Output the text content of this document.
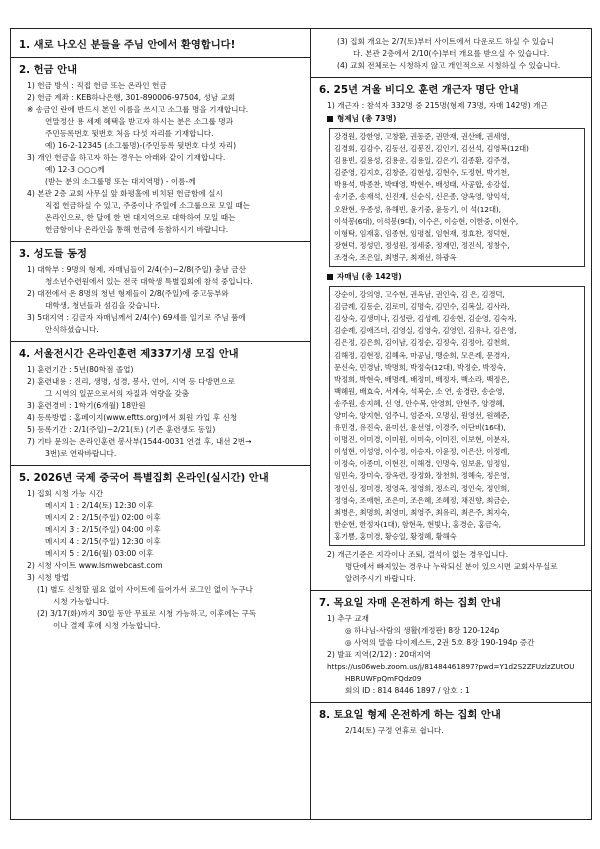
1. 새로 나오신 분들을 주님 안에서 환영합니다!
2. 헌금 안내

1) 헌금 방식 : 직접 헌금 또는 온라인 헌금

2) 헌금 계좌 : KEB하나은행, 301-890006-97504, 성남 교회

※ 송금인 란에 반드시 본인 이름을 쓰시고 소그룹 명을 기재합니다.

연말정산 용 세제 혜택을 받고자 하시는 분은 소그룹 명과

주민등록번호 뒷번호 처음 다섯 자리를 기재합니다.

예) 16-2-12345 (소그룹명)-(주민등록 뒷번호 다섯 자리)

3) 개인 헌금을 하고자 하는 경우는 아래와 같이 기재합니다.

예) 12-3 ○○○께

(받는 분의 소그룹명 또는 대지역명) - 이름-께

4) 본관 2층 교회 사무실 앞 화평홀에 비치된 헌금함에 실시

직접 헌금하실 수 있고, 주중이나 주일에 소그룹으로 모일 때는

온라인으로, 한 달에 한 번 대지역으로 대학하여 모일 때는

헌금함이나 온라인을 통해 헌금에 동참하시기 바랍니다.

3. 성도들 동정

1) 대학부 : 9명의 형제, 자매님들이 2/4(수)~2/8(주일) 충남 금산

청소년수련원에서 있는 전국 대학생 특별집회에 참석 중입니다.

2) 대전에서 온 8명의 청년 형제들이 2/8(주일)에 중고등부와

대학생, 청년들과 섬김을 갖습니다.

3) 5대지역 : 김금자 자매님께서 2/4(수) 69세를 일기로 주님 품에

안식하셨습니다.

4. 서울전시간 온라인훈련 제337기생 모집 안내

1) 훈련기간 : 5년(80학점 졸업)

2) 훈련내용 : 진리, 생명, 성경, 봉사, 언어, 시역 등 다방면으로

그 시역의 일꾼으로서의 자질과 역량을 갖춤

3) 훈련경비 : 1학기(6개월) 18만원

4) 등록방법 : 홈페이지(www.eftts.org)에서 회원 가입 후 신청

5) 등록기간 : 2/1(주일)~2/21(토) (기존 훈련생도 동일)

7) 기타 문의는 온라인훈련 봉사부(1544-0031 연결 후, 내선 2번→

3번)로 연락바랍니다.

5. 2026년 국제 중국어 특별집회 온라인(실시간) 안내

1) 집회 시청 가능 시간

메시지 1 : 2/14(토) 12:30 이후

메시지 2 : 2/15(주일) 02:00 이후

메시지 3 : 2/15(주일) 04:00 이후

메시지 4 : 2/15(주일) 12:30 이후

메시지 5 : 2/16(월) 03:00 이후

2) 시청 사이트 www.lsmwebcast.com

3) 시청 방법

(1) 별도 신청할 필요 없이 사이트에 들어가서 로그인 없이 누구나

시청 가능합니다.

(2) 3/17(화)까지 30일 동안 무료로 시청 가능하고, 이후에는 구독

이나 결제 후에 시청 가능합니다.

(3) 집회 개요는 2/7(토)부터 사이트에서 다운로드 하실 수 있습니

다. 본관 2층에서 2/10(수)부터 개요를 받으실 수 있습니다.

(4) 교회 전체로는 시청하지 않고 개인적으로 시청하실 수 있습니다.

6. 25년 겨울 비디오 훈련 개근자 명단 안내

1) 개근자 : 참석자 332명 중 215명(형제 73명, 자매 142명) 개근

형제님 (총 73명)
강경원, 강한영, 고창환, 권동준, 권만재, 권산배, 권세영,
김경회, 김감수, 김동선, 김봉진, 김인기, 김선석, 김영복(12대)
김용빈, 김용성, 김용운, 김용일, 김은기, 김종환, 김주경,
김준영, 김지호, 김창준, 김현성, 김현수, 도정현, 박기천,
박용석, 박종찬, 박태영, 박현수, 배성태, 사공합, 송강섭,
송기준, 송재석, 신진재, 신순식, 신은종, 양옥영, 양익석,
오완현, 우종성, 유해빈, 윤기중, 윤동기, 이 석(12대),
이석봉(6대), 이석봉(9대), 이수은, 이승현, 이한중, 이현수,
이형탁, 임재홍, 임종현, 임평철, 임현재, 정효찬, 정덕현,
장현덕, 정성민, 정성원, 정세중, 정재민, 정진식, 정창수,
조경숙, 조은일, 최병구, 최재선, 하광옥
자매님 (총 142명)
강순이, 강의영, 고수현, 권옥남, 권인숙, 김 은, 김경덕,
김금례, 김동순, 김로미, 김명숙, 김민수, 김복실, 김사라,
김상숙, 김생미나, 김성란, 김성례, 김송현, 김순영, 김숙자,
김순례, 김애즈더, 김영실, 김영숙, 김영인, 김유나, 김은영,
김은정, 김은희, 김이남, 김정순, 김정숙, 김정아, 김천희,
김해정, 김현정, 김혜옥, 마공님, 맹순희, 모은례, 문경자,
문신숙, 민경남, 박명희, 박정숙(12대), 박정순, 박정숙,
박정희, 박현숙, 배명례, 배정미, 배정자, 백소라, 백정은,
백혜원, 배효숙, 서계숙, 석복순, 소 연, 송경란, 송순영,
송주원, 송지혜, 신 영, 안수복, 안영희, 안현주, 양경혜,
양미숙, 양지현, 엄주니, 엄준자, 오명심, 원영선, 원혜준,
유민경, 유진숙, 윤미선, 윤선영, 이경주, 이단비(16대),
이명진, 이미경, 이미원, 이미숙, 이미진, 이보현, 이분자,
이성현, 이성영, 이수정, 이승자, 이윤정, 이은산, 이정례,
이정숙, 이종미, 이현진, 이해경, 인명숙, 임보윤, 임정임,
임민숙, 장미숙, 장옥련, 장정화, 장천희, 정혜숙, 정은영,
정인심, 정미경, 정영옥, 정영희, 정소리, 정인숙, 정인희,
정영숙, 조애현, 조은미, 조은혜, 조혜정, 채진향, 최금순,
최병은, 최명희, 최영미, 최영주, 최유리, 최은주, 최지숙,
한순현, 한정자(1대), 함현옥, 현빛나, 홍경순, 홍금숙,
홍기쁨, 홍미경, 황승일, 황정혜, 황해숙

2) 개근기준은 지각이나 조퇴, 결석이 없는 경우입니다.

명단에서 빠져있는 경우나 누락되신 분이 있으시면 교회사무실로

알려주시기 바랍니다.

7. 목요일 자매 온전하게 하는 집회 안내

1) 추구 교재

◎ 하나님-사람의 생활(개정판) 8장 120-124p

◎ 사역의 말씀 다이제스트, 2권 5호 8장 190-194p 증간

2) 발표 지역(2/12) : 20대지역

https://us06web.zoom.us/j/81484461897?pwd=Y1d2S2ZFUzlzZUtOU

HBRUWFpQmFQdz09

회의 ID : 814 8446 1897 / 암호 : 1

8. 토요일 형제 온전하게 하는 집회 안내

2/14(토) 구정 연휴로 쉽니다.
